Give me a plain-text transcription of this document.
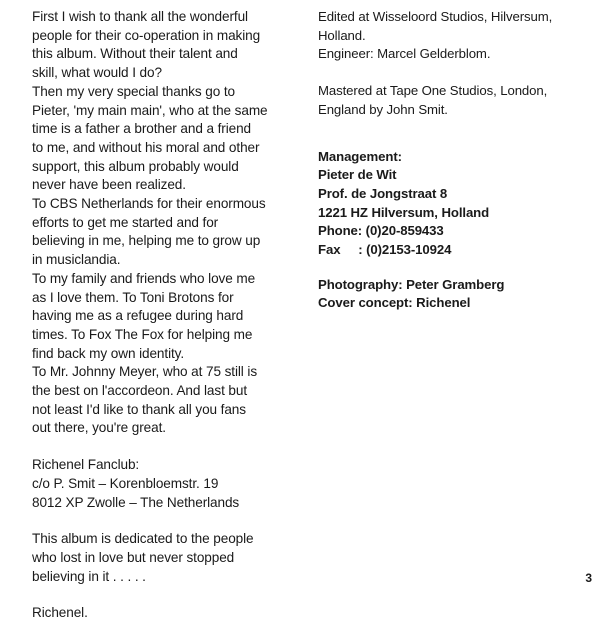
First I wish to thank all the wonderful
people for their co-operation in making
this album. Without their talent and
skill, what would I do?
Then my very special thanks go to
Pieter, 'my main main', who at the same
time is a father a brother and a friend
to me, and without his moral and other
support, this album probably would
never have been realized.
To CBS Netherlands for their enormous
efforts to get me started and for
believing in me, helping me to grow up
in musiclandia.
To my family and friends who love me
as I love them. To Toni Brotons for
having me as a refugee during hard
times. To Fox The Fox for helping me
find back my own identity.
To Mr. Johnny Meyer, who at 75 still is
the best on l'accordeon. And last but
not least I'd like to thank all you fans
out there, you're great.
Richenel Fanclub:
c/o P. Smit – Korenbloemstr. 19
8012 XP Zwolle – The Netherlands
This album is dedicated to the people
who lost in love but never stopped
believing in it . . . . .
Richenel.
Edited at Wisseloord Studios, Hilversum,
Holland.
Engineer: Marcel Gelderblom.
Mastered at Tape One Studios, London,
England by John Smit.
Management:
Pieter de Wit
Prof. de Jongstraat 8
1221 HZ Hilversum, Holland
Phone: (0)20-859433
Fax     : (0)2153-10924
Photography: Peter Gramberg
Cover concept: Richenel
3
